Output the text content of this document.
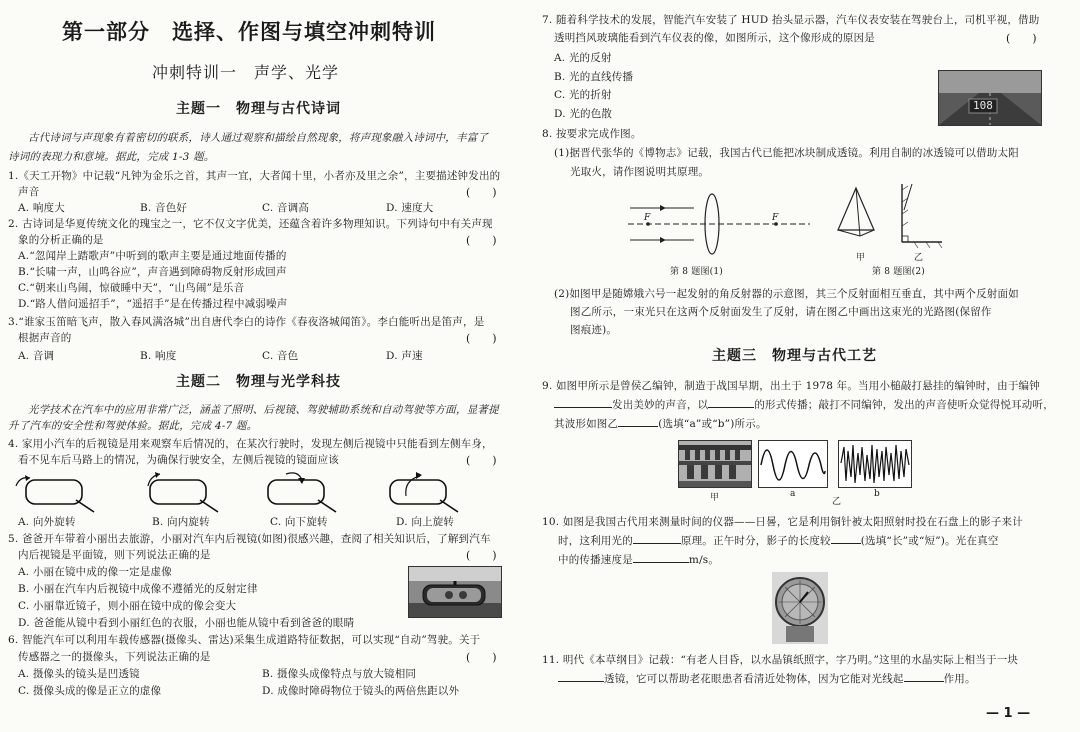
第一部分　选择、作图与填空冲刺特训
冲刺特训一　声学、光学
主题一　物理与古代诗词
古代诗词与声现象有着密切的联系，诗人通过观察和描绘自然现象，将声现象融入诗词中，丰富了
诗词的表现力和意境。据此，完成 1-3 题。
1.《天工开物》中记载“凡钟为金乐之首，其声一宜，大者闻十里，小者亦及里之余”，主要描述钟发出的
声音	(　　)
A. 响度大	B. 音色好	C. 音调高	D. 速度大
2. 古诗词是华夏传统文化的瑰宝之一，它不仅文字优美，还蕴含着许多物理知识。下列诗句中有关声现
象的分析正确的是	(　　)
A.“忽闻岸上踏歌声”中听到的歌声主要是通过地面传播的
B.“长啸一声，山鸣谷应”，声音遇到障碍物反射形成回声
C.“朝来山鸟闹，惊破睡中天”，“山鸟闹”是乐音
D.“路人借问遥招手”，“遥招手”是在传播过程中减弱噪声
3.“谁家玉笛暗飞声，散入春风满洛城”出自唐代李白的诗作《春夜洛城闻笛》。李白能听出是笛声，是
根据声音的	(　　)
A. 音调	B. 响度	C. 音色	D. 声速
主题二　物理与光学科技
光学技术在汽车中的应用非常广泛，涵盖了照明、后视镜、驾驶辅助系统和自动驾驶等方面，显著提
升了汽车的安全性和驾驶体验。据此，完成 4-7 题。
4. 家用小汽车的后视镜是用来观察车后情况的，在某次行驶时，发现左侧后视镜中只能看到左侧车身，
看不见车后马路上的情况，为确保行驶安全，左侧后视镜的镜面应该	(　　)
A. 向外旋转	B. 向内旋转	C. 向下旋转	D. 向上旋转
5. 爸爸开车带着小丽出去旅游，小丽对汽车内后视镜(如图)很感兴趣，查阅了相关知识后，了解到汽车
内后视镜是平面镜，则下列说法正确的是	(　　)
A. 小丽在镜中成的像一定是虚像
B. 小丽在汽车内后视镜中成像不遵循光的反射定律
C. 小丽靠近镜子，则小丽在镜中成的像会变大
D. 爸爸能从镜中看到小丽红色的衣服，小丽也能从镜中看到爸爸的眼睛
6. 智能汽车可以利用车载传感器(摄像头、雷达)采集生成道路特征数据，可以实现“自动”驾驶。关于
传感器之一的摄像头，下列说法正确的是	(　　)
A. 摄像头的镜头是凹透镜	B. 摄像头成像特点与放大镜相同
C. 摄像头成的像是正立的虚像	D. 成像时障碍物位于镜头的两倍焦距以外
7. 随着科学技术的发展，智能汽车安装了 HUD 抬头显示器，汽车仪表安装在驾驶台上，司机平视，借助
透明挡风玻璃能看到汽车仪表的像，如图所示，这个像形成的原因是	(　　)
A. 光的反射
B. 光的直线传播
C. 光的折射
D. 光的色散
108
8. 按要求完成作图。
(1)据晋代张华的《博物志》记载，我国古代已能把冰块制成透镜。利用自制的冰透镜可以借助太阳
光取火，请作图说明其原理。
F	F
甲	乙
第 8 题图(1)	第 8 题图(2)
(2)如图甲是随嫦娥六号一起发射的角反射器的示意图，其三个反射面相互垂直，其中两个反射面如
图乙所示，一束光只在这两个反射面发生了反射，请在图乙中画出这束光的光路图(保留作
图痕迹)。
主题三　物理与古代工艺
9. 如图甲所示是曾侯乙编钟，制造于战国早期，出土于 1978 年。当用小槌敲打悬挂的编钟时，由于编钟
发出美妙的声音，以	的形式传播；敲打不同编钟，发出的声音使听众觉得悦耳动听，
其波形如图乙	(选填“a”或“b”)所示。
a	b
甲	乙
10. 如图是我国古代用来测量时间的仪器——日晷，它是利用铜针被太阳照射时投在石盘上的影子来计
时，这利用光的	原理。正午时分，影子的长度较	(选填“长”或“短”)。光在真空
中的传播速度是	m/s。
11. 明代《本草纲目》记载：“有老人目昏，以水晶镇纸照字，字乃明。”这里的水晶实际上相当于一块
透镜，它可以帮助老花眼患者看清近处物体，因为它能对光线起	作用。
— 1 —
